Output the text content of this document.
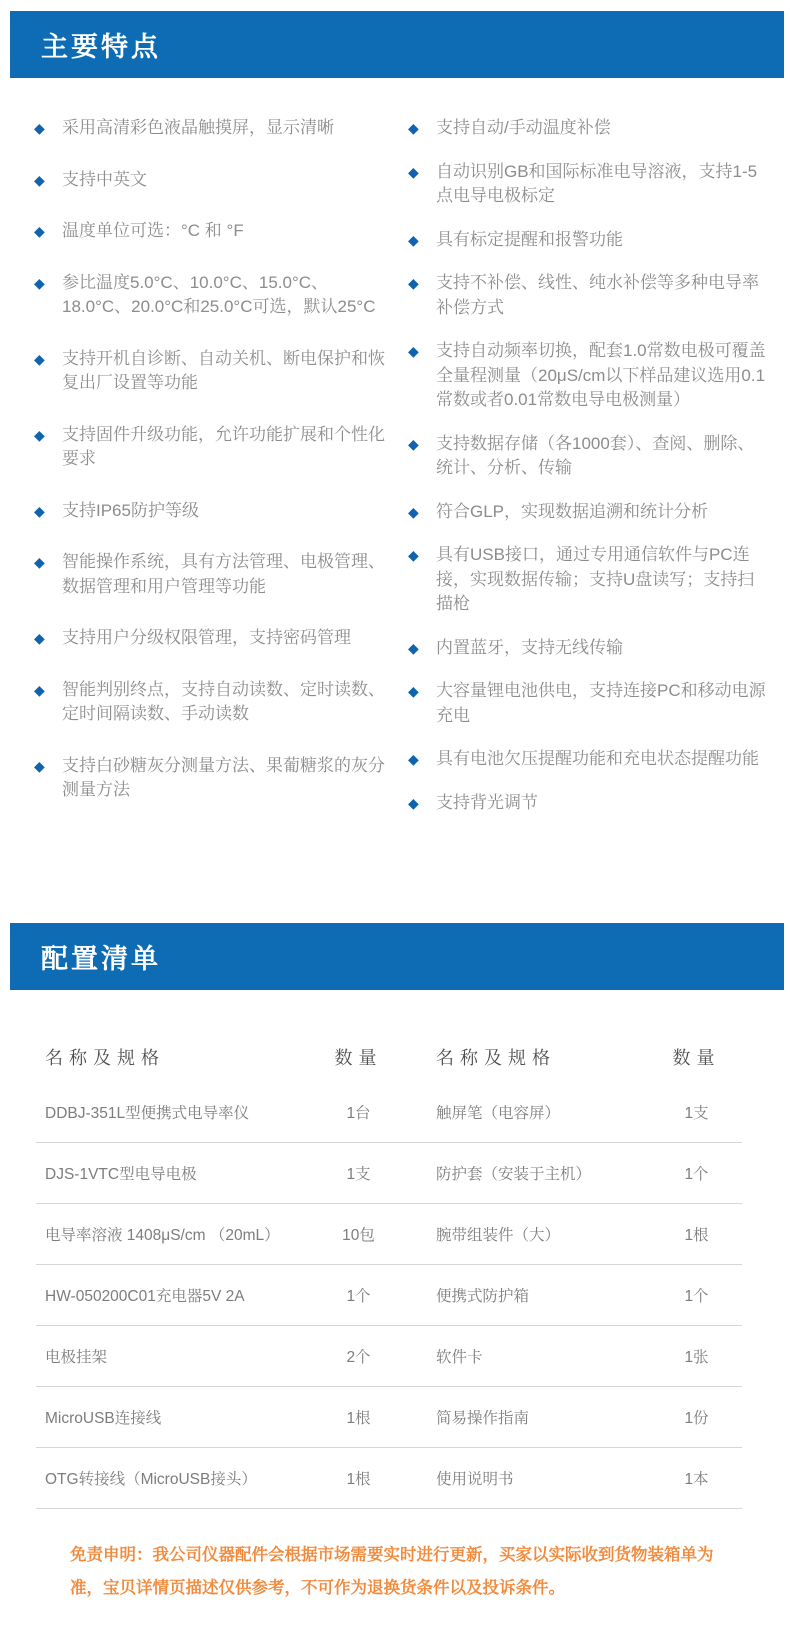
主要特点
◆	采用高清彩色液晶触摸屏，显示清晰
◆	支持中英文
◆	温度单位可选：°C 和 °F
◆	参比温度5.0°C、10.0°C、15.0°C、18.0°C、20.0°C和25.0°C可选，默认25°C
◆	支持开机自诊断、自动关机、断电保护和恢复出厂设置等功能
◆	支持固件升级功能，允许功能扩展和个性化要求
◆	支持IP65防护等级
◆	智能操作系统，具有方法管理、电极管理、数据管理和用户管理等功能
◆	支持用户分级权限管理，支持密码管理
◆	智能判别终点，支持自动读数、定时读数、定时间隔读数、手动读数
◆	支持白砂糖灰分测量方法、果葡糖浆的灰分测量方法
◆	支持自动/手动温度补偿
◆	自动识别GB和国际标准电导溶液，支持1-5点电导电极标定
◆	具有标定提醒和报警功能
◆	支持不补偿、线性、纯水补偿等多种电导率补偿方式
◆	支持自动频率切换，配套1.0常数电极可覆盖全量程测量（20μS/cm以下样品建议选用0.1常数或者0.01常数电导电极测量）
◆	支持数据存储（各1000套）、查阅、删除、统计、分析、传输
◆	符合GLP，实现数据追溯和统计分析
◆	具有USB接口，通过专用通信软件与PC连接，实现数据传输；支持U盘读写；支持扫描枪
◆	内置蓝牙，支持无线传输
◆	大容量锂电池供电，支持连接PC和移动电源充电
◆	具有电池欠压提醒功能和充电状态提醒功能
◆	支持背光调节
配置清单
名称及规格	数量	名称及规格	数量
DDBJ-351L型便携式电导率仪	1台	触屏笔（电容屏）	1支
DJS-1VTC型电导电极	1支	防护套（安装于主机）	1个
电导率溶液 1408μS/cm （20mL）	10包	腕带组装件（大）	1根
HW-050200C01充电器5V 2A	1个	便携式防护箱	1个
电极挂架	2个	软件卡	1张
MicroUSB连接线	1根	简易操作指南	1份
OTG转接线（MicroUSB接头）	1根	使用说明书	1本

免责申明：我公司仪器配件会根据市场需要实时进行更新，买家以实际收到货物装箱单为准，宝贝详情页描述仅供参考，不可作为退换货条件以及投诉条件。
